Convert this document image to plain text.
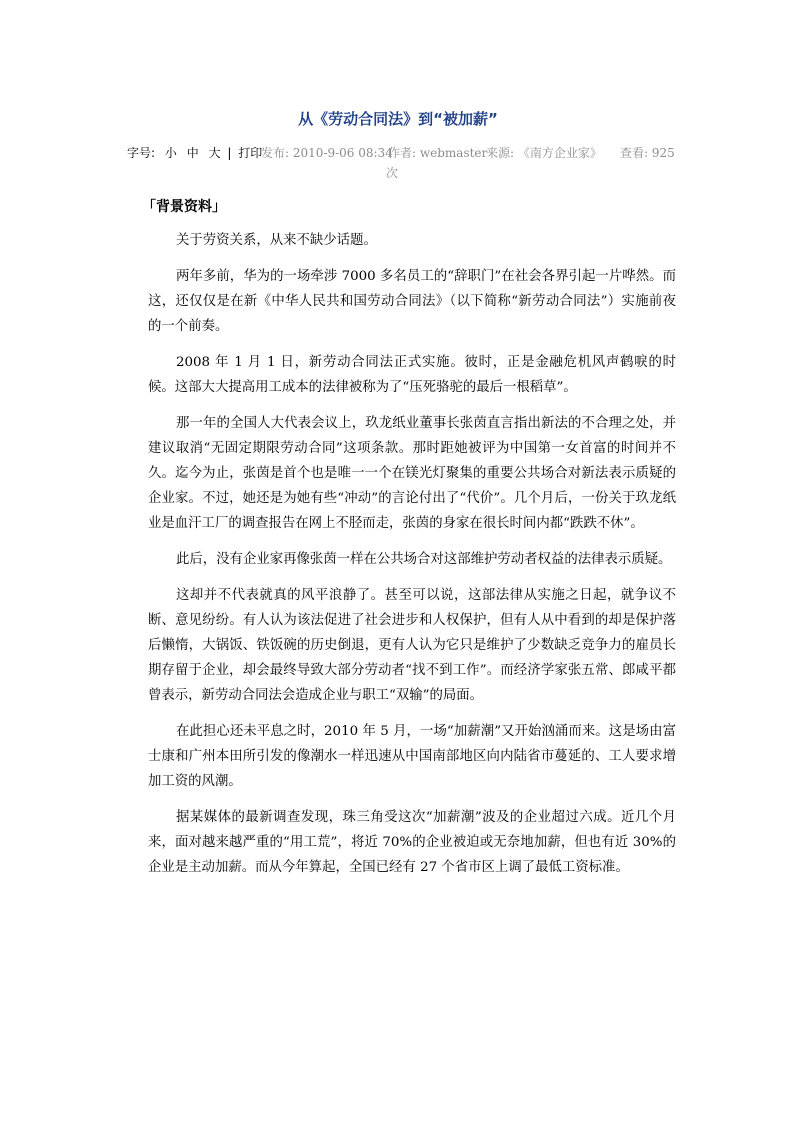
从《劳动合同法》到“被加薪”
字号: 小 中 大 | 打印
发布: 2010-9-06 08:34
作者: webmaster
来源: 《南方企业家》 查看: 925
次
「背景资料」

关于劳资关系，从来不缺少话题。

两年多前，华为的一场牵涉 7000 多名员工的“辞职门”在社会各界引起一片哗然。而这，还仅仅是在新《中华人民共和国劳动合同法》（以下简称“新劳动合同法”）实施前夜的一个前奏。

2008 年 1 月 1 日，新劳动合同法正式实施。彼时，正是金融危机风声鹤唳的时候。这部大大提高用工成本的法律被称为了“压死骆驼的最后一根稻草”。

那一年的全国人大代表会议上，玖龙纸业董事长张茵直言指出新法的不合理之处，并建议取消“无固定期限劳动合同”这项条款。那时距她被评为中国第一女首富的时间并不久。迄今为止，张茵是首个也是唯一一个在镁光灯聚集的重要公共场合对新法表示质疑的企业家。不过，她还是为她有些“冲动”的言论付出了“代价”。几个月后，一份关于玖龙纸业是血汗工厂的调查报告在网上不胫而走，张茵的身家在很长时间内都“跌跌不休”。

此后，没有企业家再像张茵一样在公共场合对这部维护劳动者权益的法律表示质疑。

这却并不代表就真的风平浪静了。甚至可以说，这部法律从实施之日起，就争议不断、意见纷纷。有人认为该法促进了社会进步和人权保护，但有人从中看到的却是保护落后懒惰，大锅饭、铁饭碗的历史倒退，更有人认为它只是维护了少数缺乏竞争力的雇员长期存留于企业，却会最终导致大部分劳动者“找不到工作”。而经济学家张五常、郎咸平都曾表示，新劳动合同法会造成企业与职工“双输”的局面。

在此担心还未平息之时，2010 年 5 月，一场“加薪潮”又开始汹涌而来。这是场由富士康和广州本田所引发的像潮水一样迅速从中国南部地区向内陆省市蔓延的、工人要求增加工资的风潮。

据某媒体的最新调查发现，珠三角受这次“加薪潮”波及的企业超过六成。近几个月来，面对越来越严重的“用工荒”，将近 70%的企业被迫或无奈地加薪，但也有近 30%的企业是主动加薪。而从今年算起，全国已经有 27 个省市区上调了最低工资标准。
